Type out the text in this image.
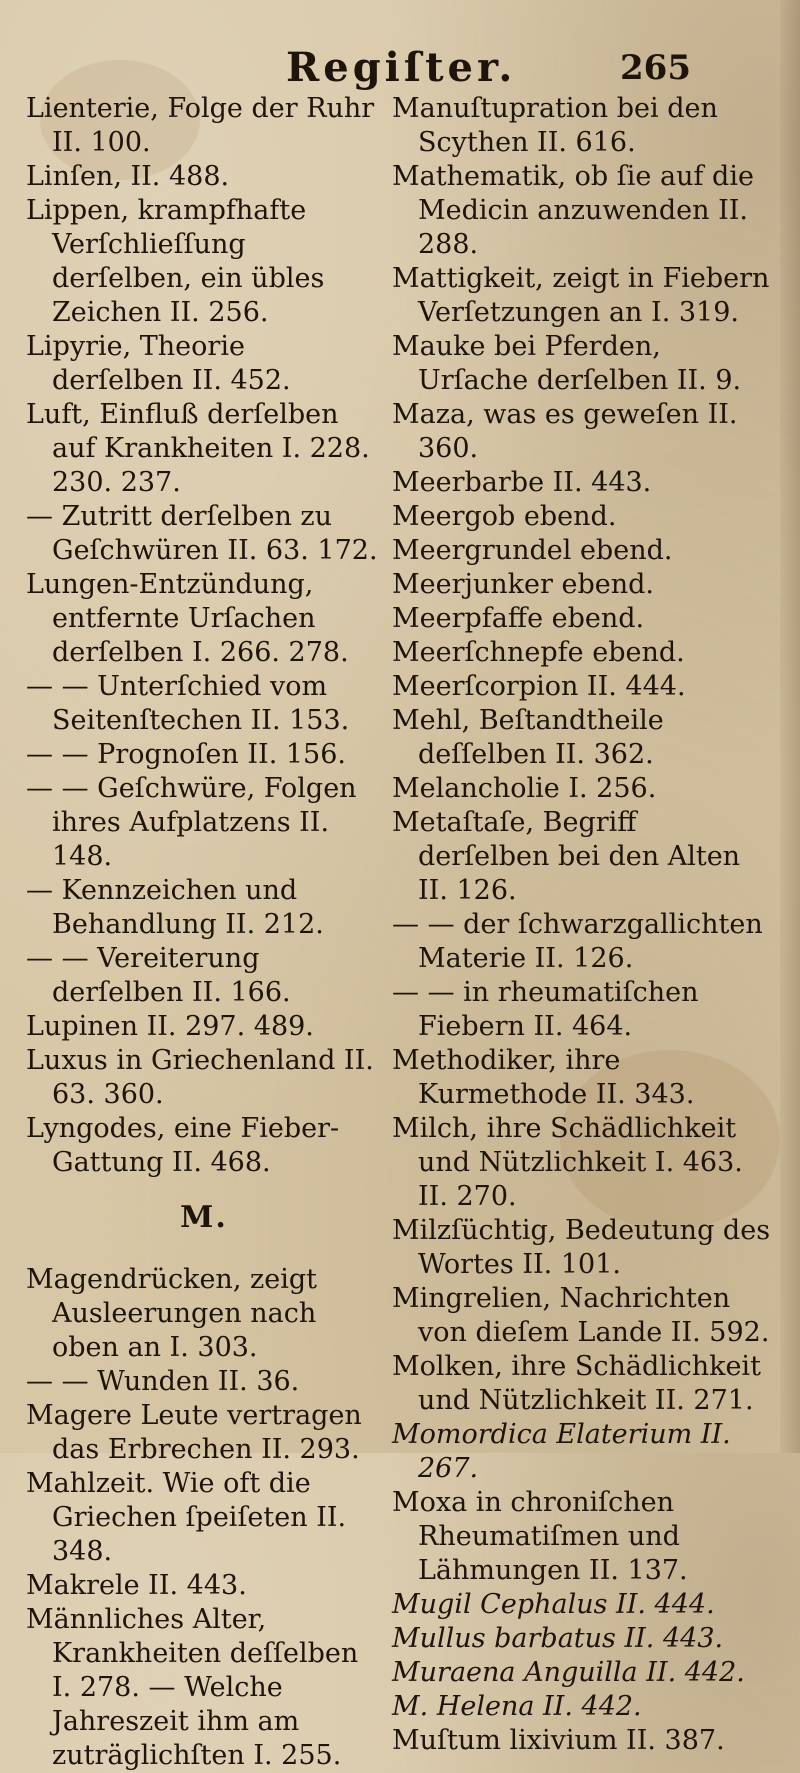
Regiſter.	265

Lienterie, Folge der Ruhr II. 100.

Linſen, II. 488.

Lippen, krampfhafte Verſchlieſſung derſelben, ein übles Zeichen II. 256.

Lipyrie, Theorie derſelben II. 452.

Luft, Einfluß derſelben auf Krankheiten I. 228. 230. 237.

— Zutritt derſelben zu Geſchwüren II. 63. 172.

Lungen-Entzündung, entfernte Urſachen derſelben I. 266. 278.

— — Unterſchied vom Seitenſtechen II. 153.

— — Prognoſen II. 156.

— — Geſchwüre, Folgen ihres Aufplatzens II. 148.

— Kennzeichen und Behandlung II. 212.

— — Vereiterung derſelben II. 166.

Lupinen II. 297. 489.

Luxus in Griechenland II. 63. 360.

Lyngodes, eine Fieber-Gattung II. 468.

M.

Magendrücken, zeigt Ausleerungen nach oben an I. 303.

— — Wunden II. 36.

Magere Leute vertragen das Erbrechen II. 293.

Mahlzeit. Wie oft die Griechen ſpeiſeten II. 348.

Makrele II. 443.

Männliches Alter, Krankheiten deſſelben I. 278. — Welche Jahreszeit ihm am zuträglichſten I. 255.

Manuſtupration bei den Scythen II. 616.

Mathematik, ob ſie auf die Medicin anzuwenden II. 288.

Mattigkeit, zeigt in Fiebern Verſetzungen an I. 319.

Mauke bei Pferden, Urſache derſelben II. 9.

Maza, was es geweſen II. 360.

Meerbarbe II. 443.

Meergob ebend.

Meergrundel ebend.

Meerjunker ebend.

Meerpfaffe ebend.

Meerſchnepfe ebend.

Meerſcorpion II. 444.

Mehl, Beſtandtheile deſſelben II. 362.

Melancholie I. 256.

Metaſtaſe, Begriff derſelben bei den Alten II. 126.

— — der ſchwarzgallichten Materie II. 126.

— — in rheumatiſchen Fiebern II. 464.

Methodiker, ihre Kurmethode II. 343.

Milch, ihre Schädlichkeit und Nützlichkeit I. 463. II. 270.

Milzſüchtig, Bedeutung des Wortes II. 101.

Mingrelien, Nachrichten von dieſem Lande II. 592.

Molken, ihre Schädlichkeit und Nützlichkeit II. 271.

Momordica Elaterium II. 267.

Moxa in chroniſchen Rheumatiſmen und Lähmungen II. 137.

Mugil Cephalus II. 444.

Mullus barbatus II. 443.

Muraena Anguilla II. 442.

M. Helena II. 442.

Muſtum lixivium II. 387.
